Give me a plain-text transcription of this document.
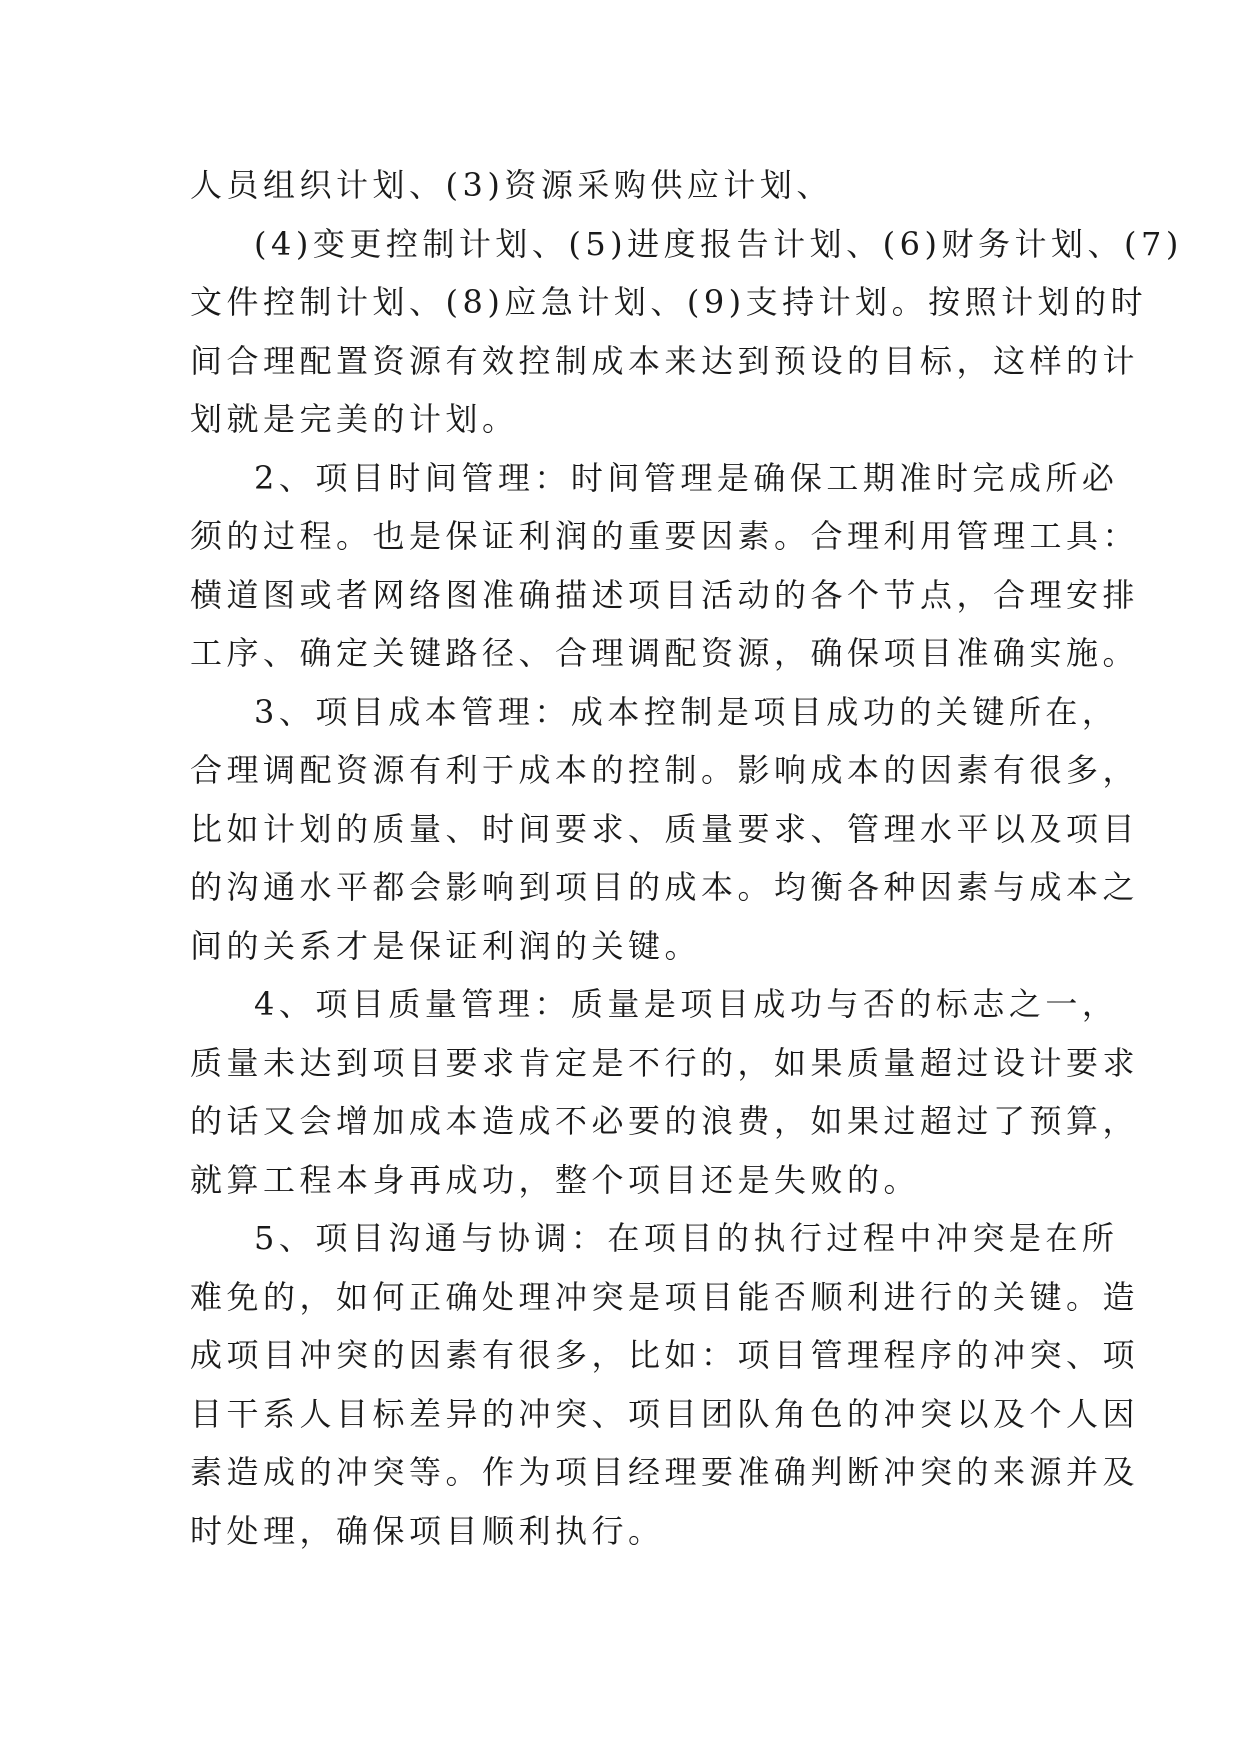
人员组织计划、(3)资源采购供应计划、
(4)变更控制计划、(5)进度报告计划、(6)财务计划、(7)
文件控制计划、(8)应急计划、(9)支持计划。按照计划的时
间合理配置资源有效控制成本来达到预设的目标，这样的计
划就是完美的计划。
2、项目时间管理：时间管理是确保工期准时完成所必
须的过程。也是保证利润的重要因素。合理利用管理工具：
横道图或者网络图准确描述项目活动的各个节点，合理安排
工序、确定关键路径、合理调配资源，确保项目准确实施。
3、项目成本管理：成本控制是项目成功的关键所在，
合理调配资源有利于成本的控制。影响成本的因素有很多，
比如计划的质量、时间要求、质量要求、管理水平以及项目
的沟通水平都会影响到项目的成本。均衡各种因素与成本之
间的关系才是保证利润的关键。
4、项目质量管理：质量是项目成功与否的标志之一，
质量未达到项目要求肯定是不行的，如果质量超过设计要求
的话又会增加成本造成不必要的浪费，如果过超过了预算，
就算工程本身再成功，整个项目还是失败的。
5、项目沟通与协调：在项目的执行过程中冲突是在所
难免的，如何正确处理冲突是项目能否顺利进行的关键。造
成项目冲突的因素有很多，比如：项目管理程序的冲突、项
目干系人目标差异的冲突、项目团队角色的冲突以及个人因
素造成的冲突等。作为项目经理要准确判断冲突的来源并及
时处理，确保项目顺利执行。
